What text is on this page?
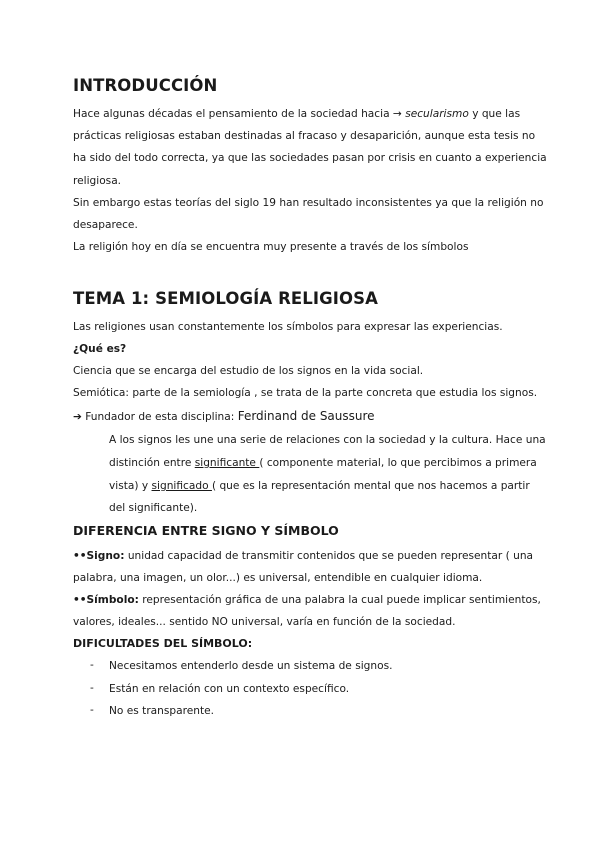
INTRODUCCIÓN
Hace algunas décadas el pensamiento de la sociedad hacia → secularismo y que las
prácticas religiosas estaban destinadas al fracaso y desaparición, aunque esta tesis no
ha sido del todo correcta, ya que las sociedades pasan por crisis en cuanto a experiencia
religiosa.
Sin embargo estas teorías del siglo 19 han resultado inconsistentes ya que la religión no
desaparece.
La religión hoy en día se encuentra muy presente a través de los símbolos
TEMA 1: SEMIOLOGÍA RELIGIOSA
Las religiones usan constantemente los símbolos para expresar las experiencias.
¿Qué es?
Ciencia que se encarga del estudio de los signos en la vida social.
Semiótica: parte de la semiología , se trata de la parte concreta que estudia los signos.
➔ Fundador de esta disciplina: Ferdinand de Saussure
A los signos les une una serie de relaciones con la sociedad y la cultura. Hace una
distinción entre significante ( componente material, lo que percibimos a primera
vista) y significado ( que es la representación mental que nos hacemos a partir
del significante).
DIFERENCIA ENTRE SIGNO Y SÍMBOLO
••Signo: unidad capacidad de transmitir contenidos que se pueden representar ( una
palabra, una imagen, un olor...) es universal, entendible en cualquier idioma.
••Símbolo: representación gráfica de una palabra la cual puede implicar sentimientos,
valores, ideales... sentido NO universal, varía en función de la sociedad.
DIFICULTADES DEL SÍMBOLO:
- Necesitamos entenderlo desde un sistema de signos.
- Están en relación con un contexto específico.
- No es transparente.
